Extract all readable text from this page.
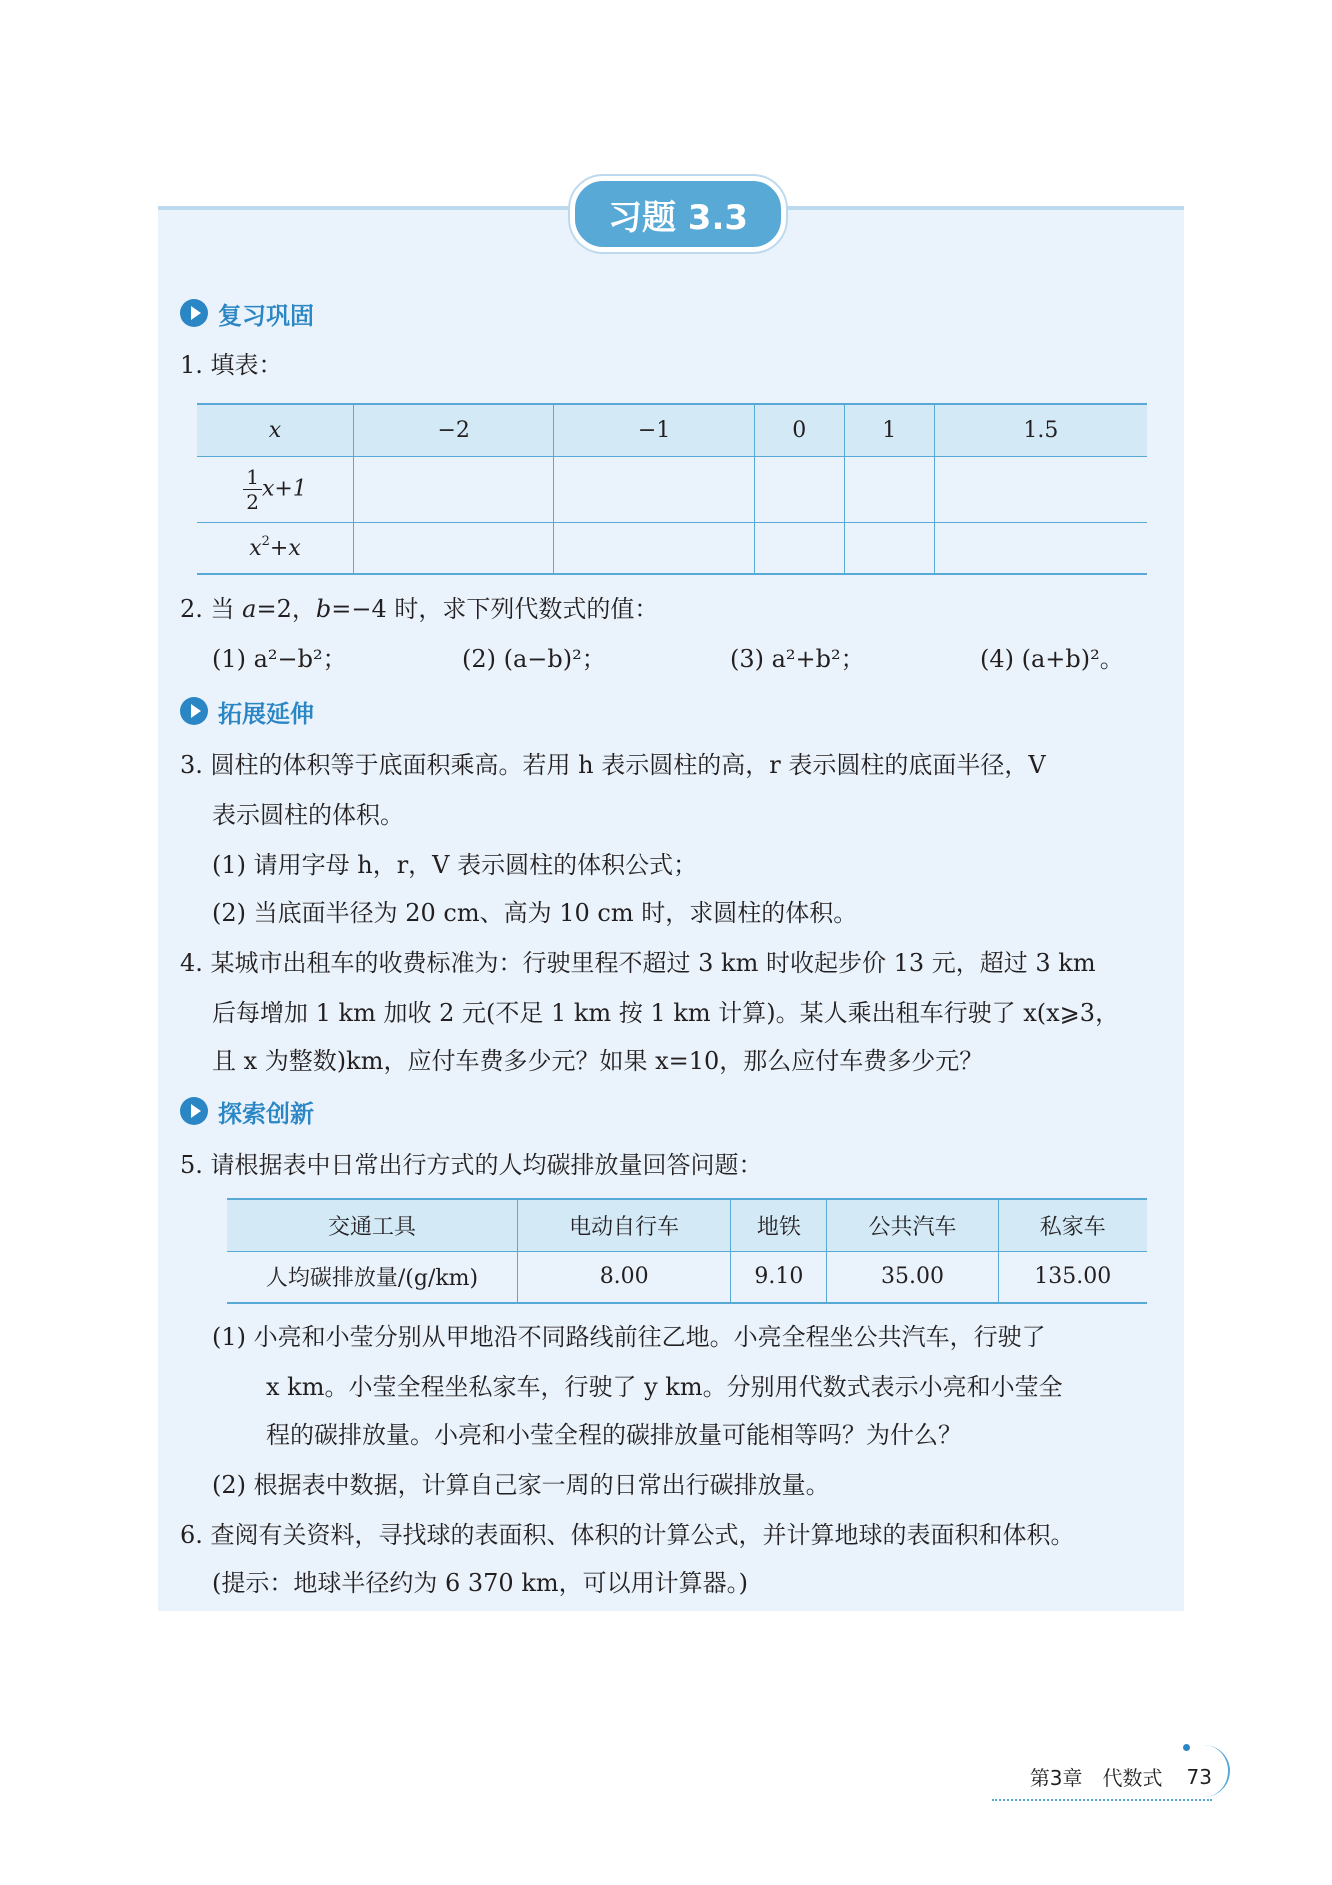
习题 3.3
复习巩固
1. 填表：
x	−2	−1	0	1	1.5

$\frac{1}{2} x+1$					
$x^2+x$					
2. 当 a=2，b=−4 时，求下列代数式的值：
(1) a²−b²；	(2) (a−b)²；	(3) a²+b²；	(4) (a+b)²。
拓展延伸
3. 圆柱的体积等于底面积乘高。若用 h 表示圆柱的高，r 表示圆柱的底面半径，V
表示圆柱的体积。
(1) 请用字母 h，r，V 表示圆柱的体积公式；
(2) 当底面半径为 20 cm、高为 10 cm 时，求圆柱的体积。
4. 某城市出租车的收费标准为：行驶里程不超过 3 km 时收起步价 13 元，超过 3 km
后每增加 1 km 加收 2 元(不足 1 km 按 1 km 计算)。某人乘出租车行驶了 x(x⩾3，
且 x 为整数)km，应付车费多少元？如果 x=10，那么应付车费多少元？
探索创新
5. 请根据表中日常出行方式的人均碳排放量回答问题：
交通工具	电动自行车	地铁	公共汽车	私家车
人均碳排放量/(g/km)	8.00	9.10	35.00	135.00
(1) 小亮和小莹分别从甲地沿不同路线前往乙地。小亮全程坐公共汽车，行驶了
x km。小莹全程坐私家车，行驶了 y km。分别用代数式表示小亮和小莹全
程的碳排放量。小亮和小莹全程的碳排放量可能相等吗？为什么？
(2) 根据表中数据，计算自己家一周的日常出行碳排放量。
6. 查阅有关资料，寻找球的表面积、体积的计算公式，并计算地球的表面积和体积。
(提示：地球半径约为 6 370 km，可以用计算器。)
第3章　代数式 73
